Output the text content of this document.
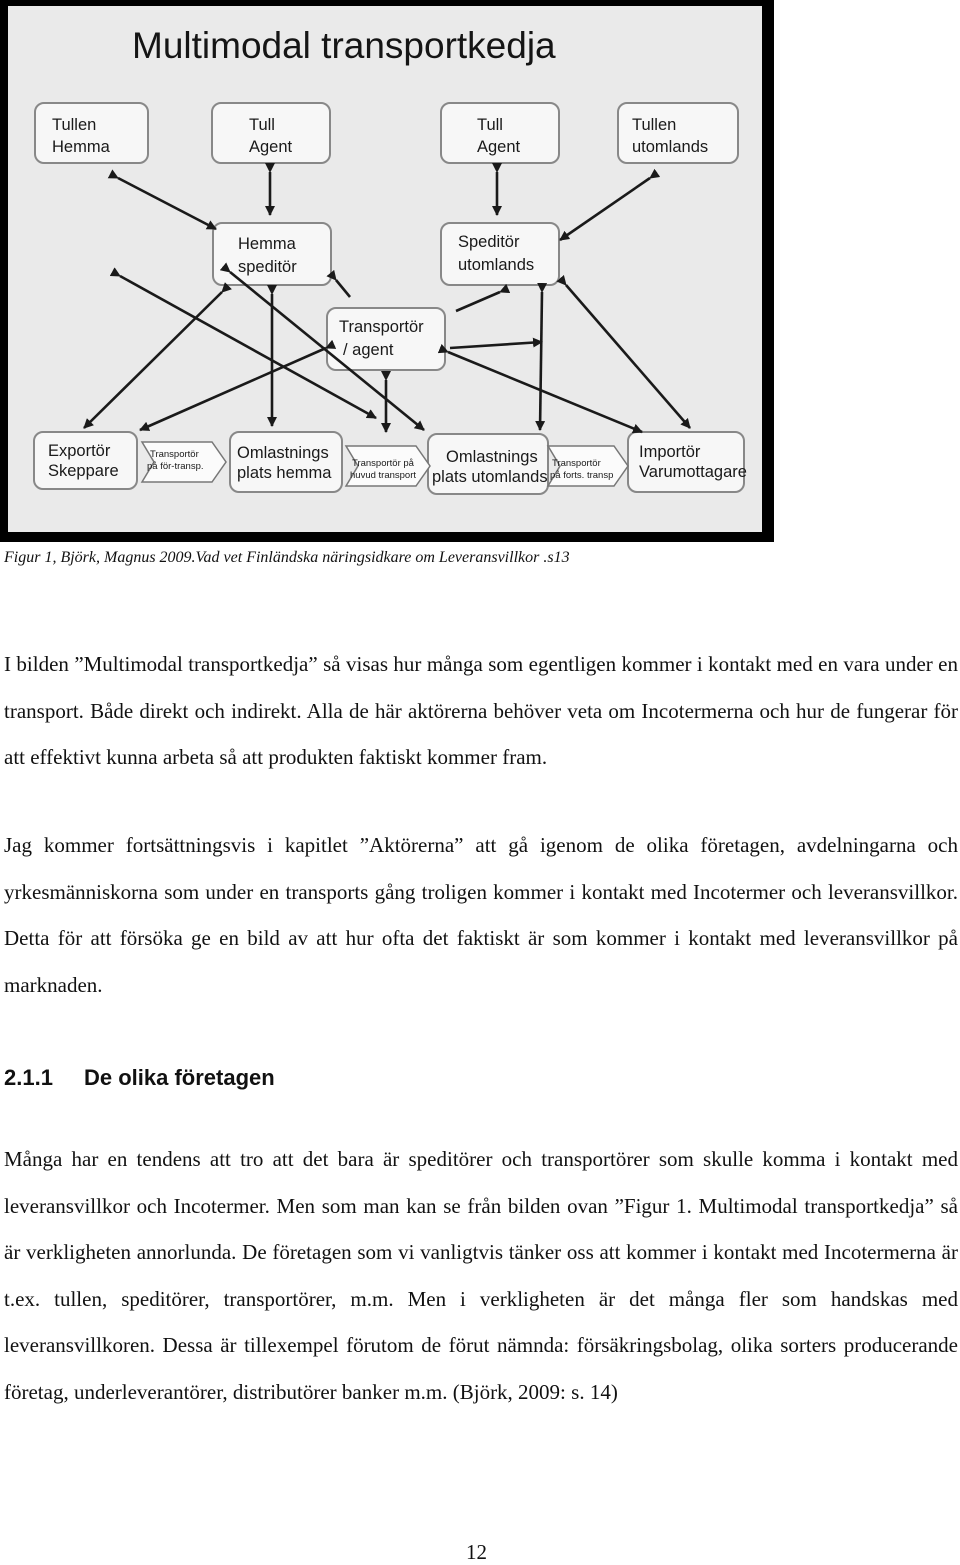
Multimodal transportkedja
Tullen
Hemma
Tull
Agent
Tull
Agent
Tullen
utomlands
Hemma
speditör
Speditör
utomlands
Transportör
/ agent
Exportör
Skeppare
Omlastnings
plats hemma
Omlastnings
plats utomlands
Importör
Varumottagare
Transportör
på för-transp.	Transportör på
huvud transport
Transportör
på forts. transp
Figur 1, Björk, Magnus 2009.Vad vet Finländska näringsidkare om Leveransvillkor .s13

I bilden ”Multimodal transportkedja” så visas hur många som egentligen kommer i kontakt med en vara under en transport. Både direkt och indirekt. Alla de här aktörerna behöver veta om Incotermerna och hur de fungerar för att effektivt kunna arbeta så att produkten faktiskt kommer fram.

Jag kommer fortsättningsvis i kapitlet ”Aktörerna” att gå igenom de olika företagen, avdelningarna och yrkesmänniskorna som under en transports gång troligen kommer i kontakt med Incotermer och leveransvillkor. Detta för att försöka ge en bild av att hur ofta det faktiskt är som kommer i kontakt med leveransvillkor på marknaden.

2.1.1 De olika företagen

Många har en tendens att tro att det bara är speditörer och transportörer som skulle komma i kontakt med leveransvillkor och Incotermer. Men som man kan se från bilden ovan ”Figur 1. Multimodal transportkedja” så är verkligheten annorlunda. De företagen som vi vanligtvis tänker oss att kommer i kontakt med Incotermerna är t.ex. tullen, speditörer, transportörer, m.m. Men i verkligheten är det många fler som handskas med leveransvillkoren. Dessa är tillexempel förutom de förut nämnda: försäkringsbolag, olika sorters producerande företag, underleverantörer, distributörer banker m.m. (Björk, 2009: s. 14)

12
